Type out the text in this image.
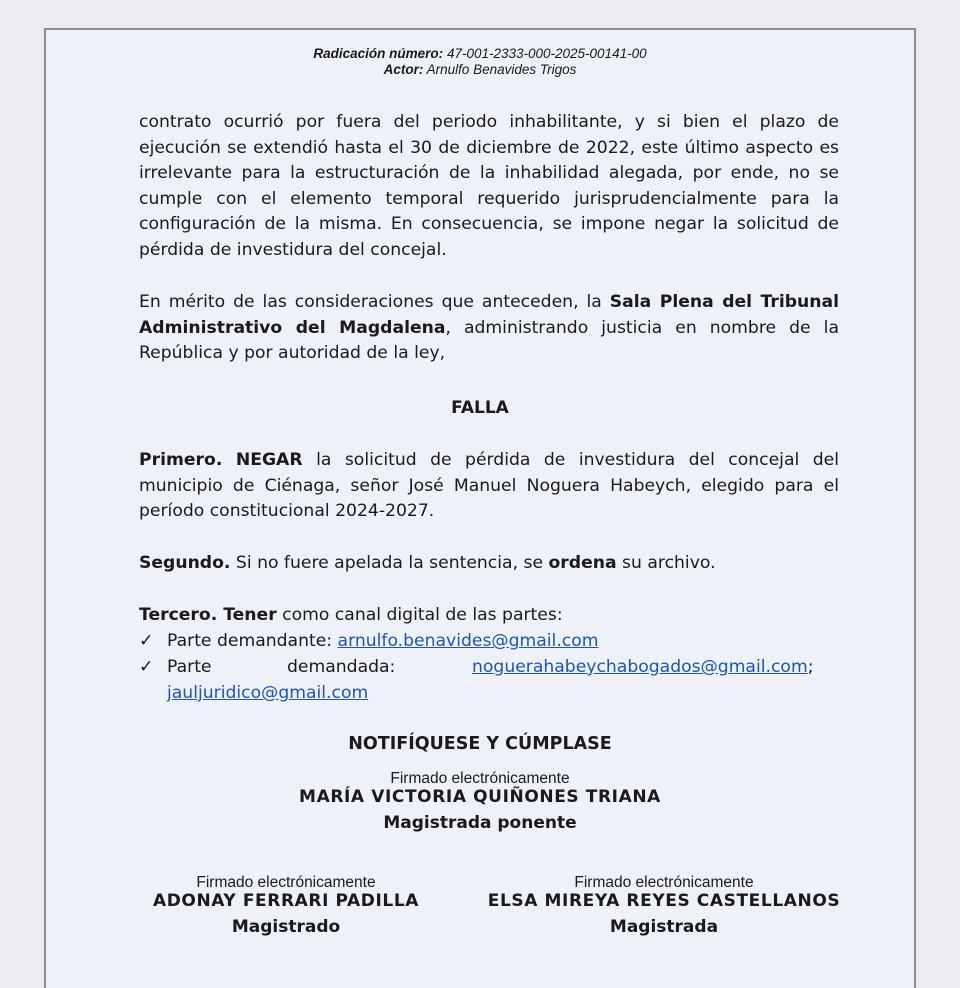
Radicación número: 47-001-2333-000-2025-00141-00
Actor: Arnulfo Benavides Trigos
contrato ocurrió por fuera del periodo inhabilitante, y si bien el plazo de ejecución se extendió hasta el 30 de diciembre de 2022, este último aspecto es irrelevante para la estructuración de la inhabilidad alegada, por ende, no se cumple con el elemento temporal requerido jurisprudencialmente para la configuración de la misma. En consecuencia, se impone negar la solicitud de pérdida de investidura del concejal.
En mérito de las consideraciones que anteceden, la Sala Plena del Tribunal Administrativo del Magdalena, administrando justicia en nombre de la República y por autoridad de la ley,
FALLA
Primero. NEGAR la solicitud de pérdida de investidura del concejal del municipio de Ciénaga, señor José Manuel Noguera Habeych, elegido para el período constitucional 2024-2027.
Segundo. Si no fuere apelada la sentencia, se ordena su archivo.
Tercero. Tener como canal digital de las partes:
✓ Parte demandante: arnulfo.benavides@gmail.com
✓ Parte	demandada:	noguerahabeychabogados@gmail.com;
jauljuridico@gmail.com
NOTIFÍQUESE Y CÚMPLASE
Firmado electrónicamente
MARÍA VICTORIA QUIÑONES TRIANA
Magistrada ponente
Firmado electrónicamente
ADONAY FERRARI PADILLA
Magistrado
Firmado electrónicamente
ELSA MIREYA REYES CASTELLANOS
Magistrada
